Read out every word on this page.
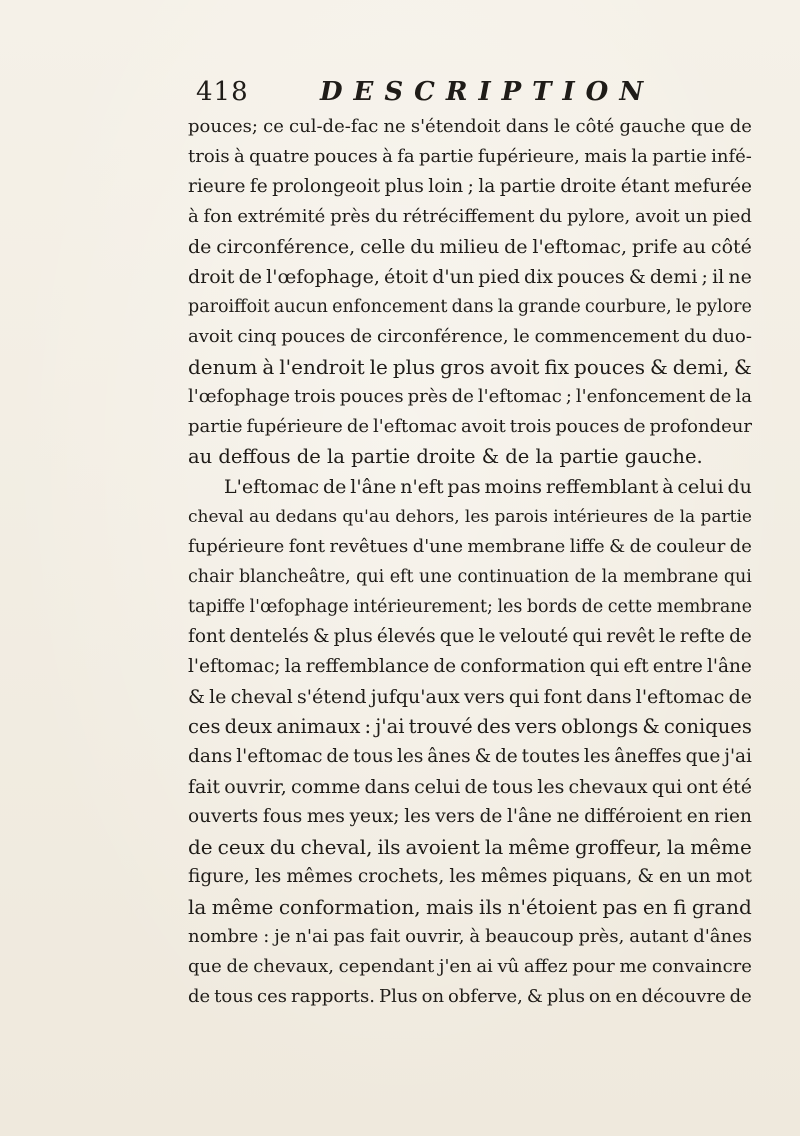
418	DESCRIPTION
pouces; ce cul-de-fac ne s'étendoit dans le côté gauche que de
trois à quatre pouces à fa partie fupérieure, mais la partie infé-
rieure fe prolongeoit plus loin ; la partie droite étant mefurée
à fon extrémité près du rétréciffement du pylore, avoit un pied
de circonférence, celle du milieu de l'eftomac, prife au côté
droit de l'œfophage, étoit d'un pied dix pouces & demi ; il ne
paroiffoit aucun enfoncement dans la grande courbure, le pylore
avoit cinq pouces de circonférence, le commencement du duo-
denum à l'endroit le plus gros avoit fix pouces & demi, &
l'œfophage trois pouces près de l'eftomac ; l'enfoncement de la
partie fupérieure de l'eftomac avoit trois pouces de profondeur
au deffous de la partie droite & de la partie gauche.
L'eftomac de l'âne n'eft pas moins reffemblant à celui du
cheval au dedans qu'au dehors, les parois intérieures de la partie
fupérieure font revêtues d'une membrane liffe & de couleur de
chair blancheâtre, qui eft une continuation de la membrane qui
tapiffe l'œfophage intérieurement; les bords de cette membrane
font dentelés & plus élevés que le velouté qui revêt le refte de
l'eftomac; la reffemblance de conformation qui eft entre l'âne
& le cheval s'étend jufqu'aux vers qui font dans l'eftomac de
ces deux animaux : j'ai trouvé des vers oblongs & coniques
dans l'eftomac de tous les ânes & de toutes les âneffes que j'ai
fait ouvrir, comme dans celui de tous les chevaux qui ont été
ouverts fous mes yeux; les vers de l'âne ne différoient en rien
de ceux du cheval, ils avoient la même groffeur, la même
figure, les mêmes crochets, les mêmes piquans, & en un mot
la même conformation, mais ils n'étoient pas en fi grand
nombre : je n'ai pas fait ouvrir, à beaucoup près, autant d'ânes
que de chevaux, cependant j'en ai vû affez pour me convaincre
de tous ces rapports. Plus on obferve, & plus on en découvre de
